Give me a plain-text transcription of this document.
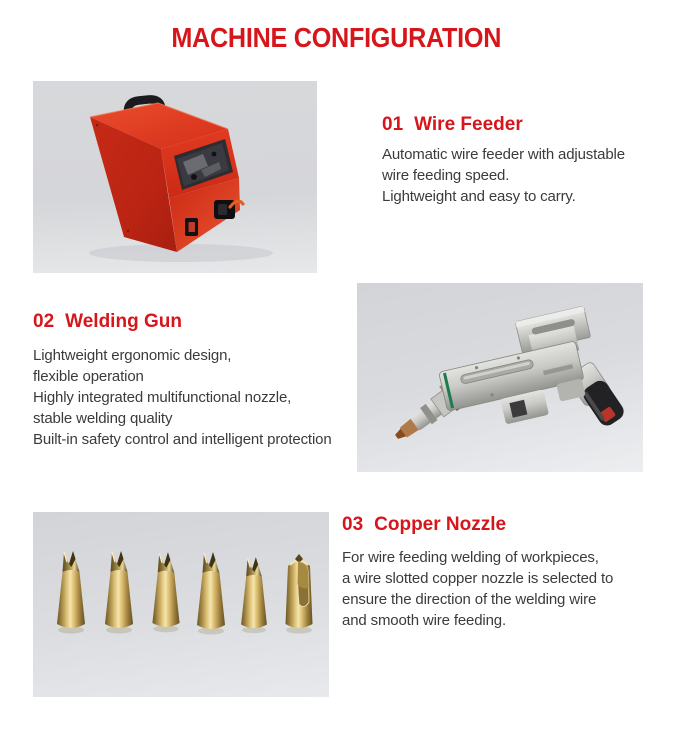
MACHINE CONFIGURATION
01 Wire Feeder
Automatic wire feeder with adjustable
wire feeding speed.
Lightweight and easy to carry.
02 Welding Gun
Lightweight ergonomic design,
flexible operation
Highly integrated multifunctional nozzle,
stable welding quality
Built-in safety control and intelligent protection
03 Copper Nozzle
For wire feeding welding of workpieces,
a wire slotted copper nozzle is selected to
ensure the direction of the welding wire
and smooth wire feeding.
